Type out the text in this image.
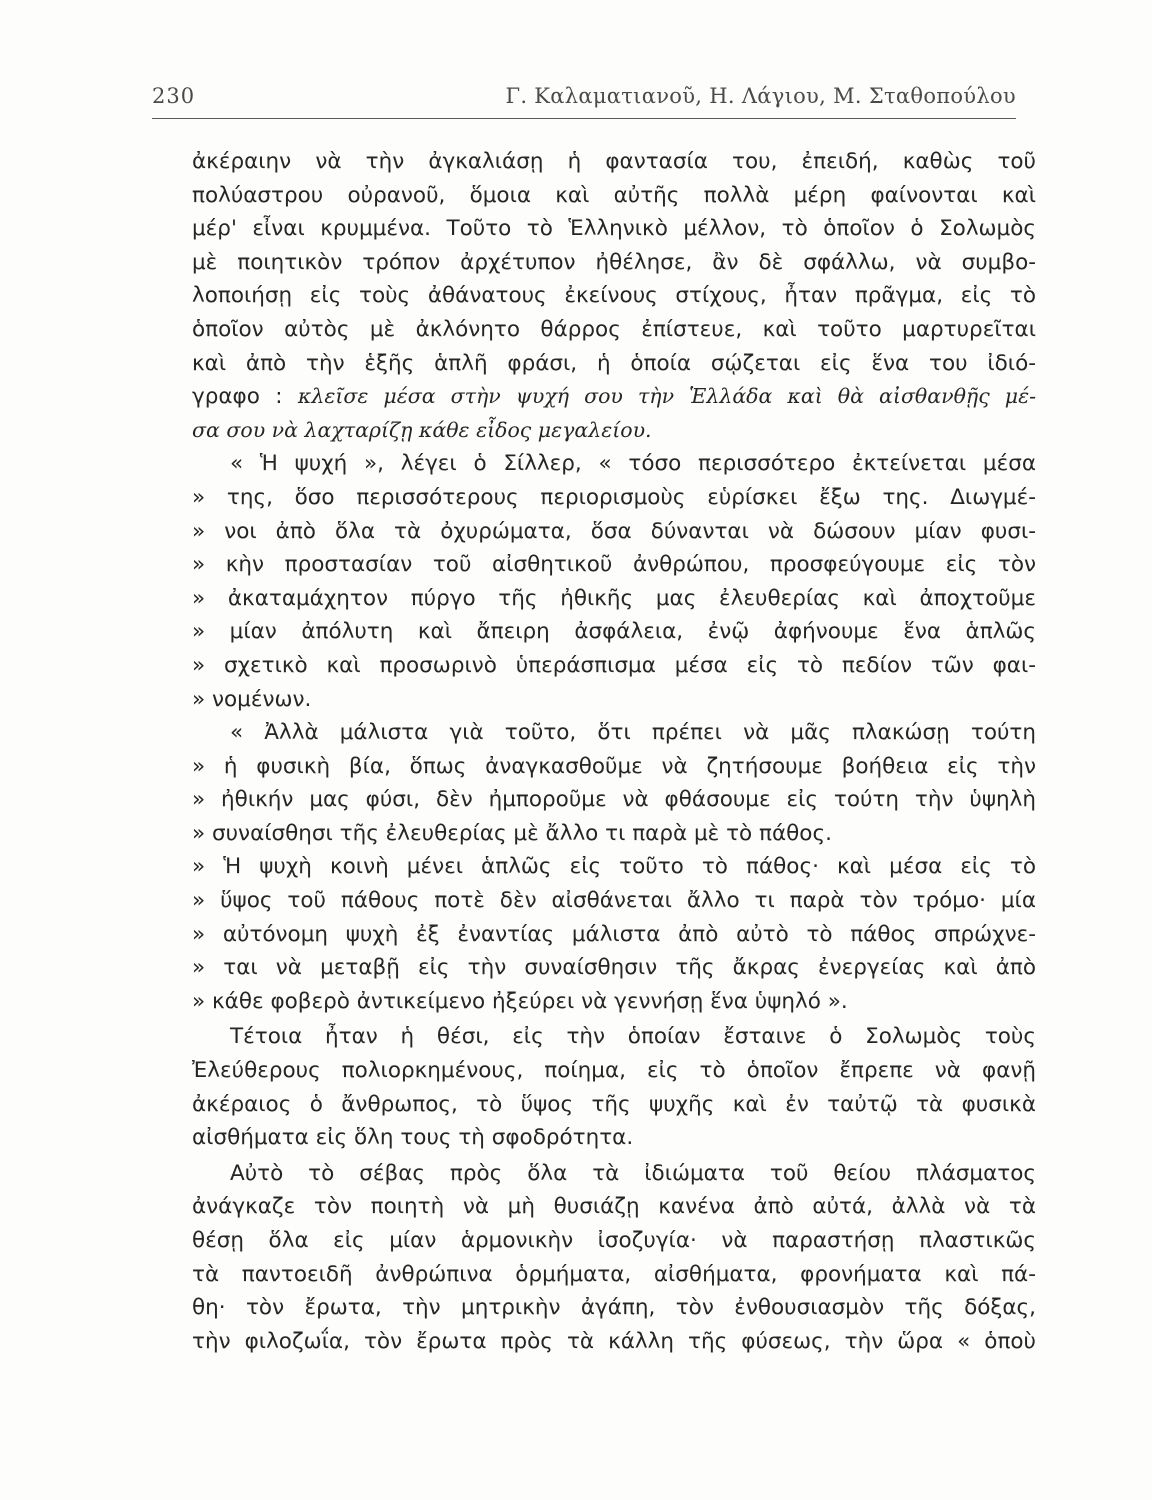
230	Γ. Καλαματιανοῦ, Η. Λάγιου, Μ. Σταθοπούλου
ἀκέραιην νὰ τὴν ἀγκαλιάσῃ ἡ φαντασία του, ἐπειδή, καθὼς τοῦ
πολύαστρου οὐρανοῦ, ὅμοια καὶ αὐτῆς πολλὰ μέρη φαίνονται καὶ
μέρ' εἶναι κρυμμένα. Τοῦτο τὸ Ἑλληνικὸ μέλλον, τὸ ὁποῖον ὁ Σολωμὸς
μὲ ποιητικὸν τρόπον ἀρχέτυπον ἠθέλησε, ἂν δὲ σφάλλω, νὰ συμβο-
λοποιήσῃ εἰς τοὺς ἀθάνατους ἐκείνους στίχους, ἦταν πρᾶγμα, εἰς τὸ
ὁποῖον αὐτὸς μὲ ἀκλόνητο θάρρος ἐπίστευε, καὶ τοῦτο μαρτυρεῖται
καὶ ἀπὸ τὴν ἑξῆς ἁπλῆ φράσι, ἡ ὁποία σῴζεται εἰς ἕνα του ἰδιό-
γραφο : κλεῖσε μέσα στὴν ψυχή σου τὴν Ἑλλάδα καὶ θὰ αἰσθανθῇς μέ-
σα σου νὰ λαχταρίζῃ κάθε εἶδος μεγαλείου.
« Ἡ ψυχή », λέγει ὁ Σίλλερ, « τόσο περισσότερο ἐκτείνεται μέσα
» της, ὅσο περισσότερους περιορισμοὺς εὑρίσκει ἔξω της. Διωγμέ-
» νοι ἀπὸ ὅλα τὰ ὀχυρώματα, ὅσα δύνανται νὰ δώσουν μίαν φυσι-
» κὴν προστασίαν τοῦ αἰσθητικοῦ ἀνθρώπου, προσφεύγουμε εἰς τὸν
» ἀκαταμάχητον πύργο τῆς ἠθικῆς μας ἐλευθερίας καὶ ἀποχτοῦμε
» μίαν ἀπόλυτη καὶ ἄπειρη ἀσφάλεια, ἐνῷ ἀφήνουμε ἕνα ἁπλῶς
» σχετικὸ καὶ προσωρινὸ ὑπεράσπισμα μέσα εἰς τὸ πεδίον τῶν φαι-
» νομένων.
« Ἀλλὰ μάλιστα γιὰ τοῦτο, ὅτι πρέπει νὰ μᾶς πλακώσῃ τούτη
» ἡ φυσικὴ βία, ὅπως ἀναγκασθοῦμε νὰ ζητήσουμε βοήθεια εἰς τὴν
» ἠθικήν μας φύσι, δὲν ἠμποροῦμε νὰ φθάσουμε εἰς τούτη τὴν ὑψηλὴ
» συναίσθησι τῆς ἐλευθερίας μὲ ἄλλο τι παρὰ μὲ τὸ πάθος.
» Ἡ ψυχὴ κοινὴ μένει ἁπλῶς εἰς τοῦτο τὸ πάθος· καὶ μέσα εἰς τὸ
» ὕψος τοῦ πάθους ποτὲ δὲν αἰσθάνεται ἄλλο τι παρὰ τὸν τρόμο· μία
» αὐτόνομη ψυχὴ ἐξ ἐναντίας μάλιστα ἀπὸ αὐτὸ τὸ πάθος σπρώχνε-
» ται νὰ μεταβῇ εἰς τὴν συναίσθησιν τῆς ἄκρας ἐνεργείας καὶ ἀπὸ
» κάθε φοβερὸ ἀντικείμενο ἠξεύρει νὰ γεννήσῃ ἕνα ὑψηλό ».
Τέτοια ἦταν ἡ θέσι, εἰς τὴν ὁποίαν ἔσταινε ὁ Σολωμὸς τοὺς
Ἐλεύθερους πολιορκημένους, ποίημα, εἰς τὸ ὁποῖον ἔπρεπε νὰ φανῇ
ἀκέραιος ὁ ἄνθρωπος, τὸ ὕψος τῆς ψυχῆς καὶ ἐν ταὐτῷ τὰ φυσικὰ
αἰσθήματα εἰς ὅλη τους τὴ σφοδρότητα.
Αὐτὸ τὸ σέβας πρὸς ὅλα τὰ ἰδιώματα τοῦ θείου πλάσματος
ἀνάγκαζε τὸν ποιητὴ νὰ μὴ θυσιάζῃ κανένα ἀπὸ αὐτά, ἀλλὰ νὰ τὰ
θέσῃ ὅλα εἰς μίαν ἁρμονικὴν ἰσοζυγία· νὰ παραστήσῃ πλαστικῶς
τὰ παντοειδῆ ἀνθρώπινα ὁρμήματα, αἰσθήματα, φρονήματα καὶ πά-
θη· τὸν ἔρωτα, τὴν μητρικὴν ἀγάπη, τὸν ἐνθουσιασμὸν τῆς δόξας,
τὴν φιλοζωΐα, τὸν ἔρωτα πρὸς τὰ κάλλη τῆς φύσεως, τὴν ὥρα « ὁποὺ
